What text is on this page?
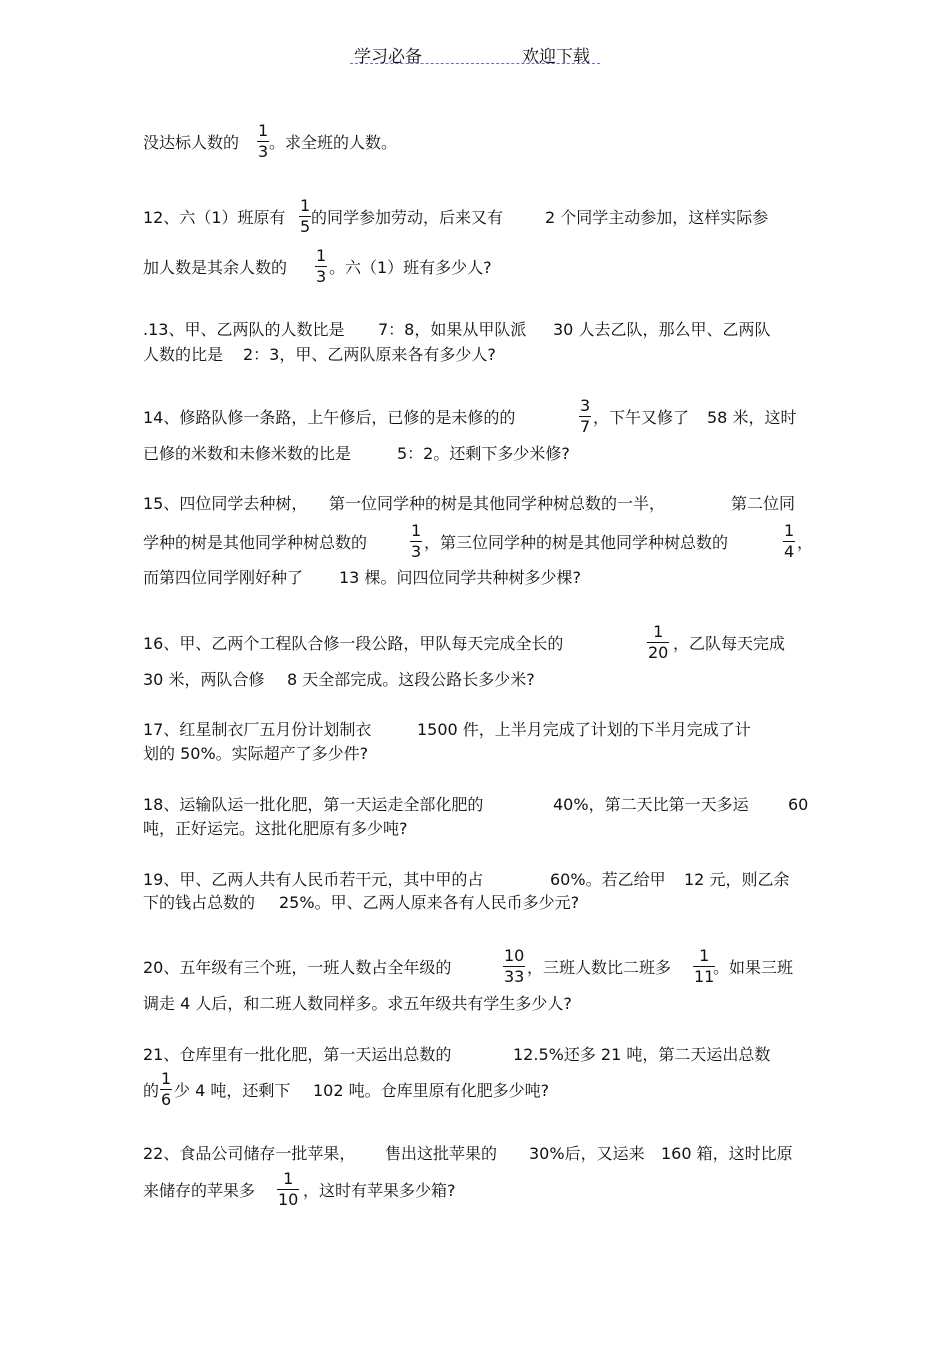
学习必备	欢迎下载
没达标人数的 $\frac{1}{3}$ 。求全班的人数。
12、六（1）班原有 $\frac{1}{5}$ 的同学参加劳动，后来又有	2 个同学主动参加，这样实际参
加人数是其余人数的 $\frac{1}{3}$ 。六（1）班有多少人?
.13、甲、乙两队的人数比是 7：8，如果从甲队派 30 人去乙队，那么甲、乙两队
人数的比是 2：3，甲、乙两队原来各有多少人?
14、修路队修一条路，上午修后，已修的是未修的的	$\frac{3}{7}$ ，下午又修了 58 米，这时
已修的米数和未修米数的比是	5：2。还剩下多少米修?
15、四位同学去种树， 第一位同学种的树是其他同学种树总数的一半，	第二位同
学种的树是其他同学种树总数的	$\frac{1}{3}$ ，第三位同学种的树是其他同学种树总数的	$\frac{1}{4}$ ，
而第四位同学刚好种了 13 棵。问四位同学共种树多少棵?
16、甲、乙两个工程队合修一段公路，甲队每天完成全长的	$\frac{1}{20}$ ，乙队每天完成
30 米，两队合修 8 天全部完成。这段公路长多少米?
17、红星制衣厂五月份计划制衣	1500 件，上半月完成了计划的下半月完成了计
划的 50%。实际超产了多少件?
18、运输队运一批化肥，第一天运走全部化肥的	40%，第二天比第一天多运 60
吨，正好运完。这批化肥原有多少吨?
19、甲、乙两人共有人民币若干元，其中甲的占	60%。若乙给甲 12 元，则乙余
下的钱占总数的 25%。甲、乙两人原来各有人民币多少元?
20、五年级有三个班，一班人数占全年级的	$\frac{10}{33}$ ，三班人数比二班多 $\frac{1}{11}$
。如果三班
调走 4 人后，和二班人数同样多。求五年级共有学生多少人?
21、仓库里有一批化肥，第一天运出总数的	12.5%还多 21 吨，第二天运出总数
的 $\frac{1}{6}$ 少 4 吨，还剩下 102 吨。仓库里原有化肥多少吨?
22、食品公司储存一批苹果， 售出这批苹果的 30%后，又运来 160 箱，这时比原
来储存的苹果多 $\frac{1}{10}$ ，这时有苹果多少箱?
